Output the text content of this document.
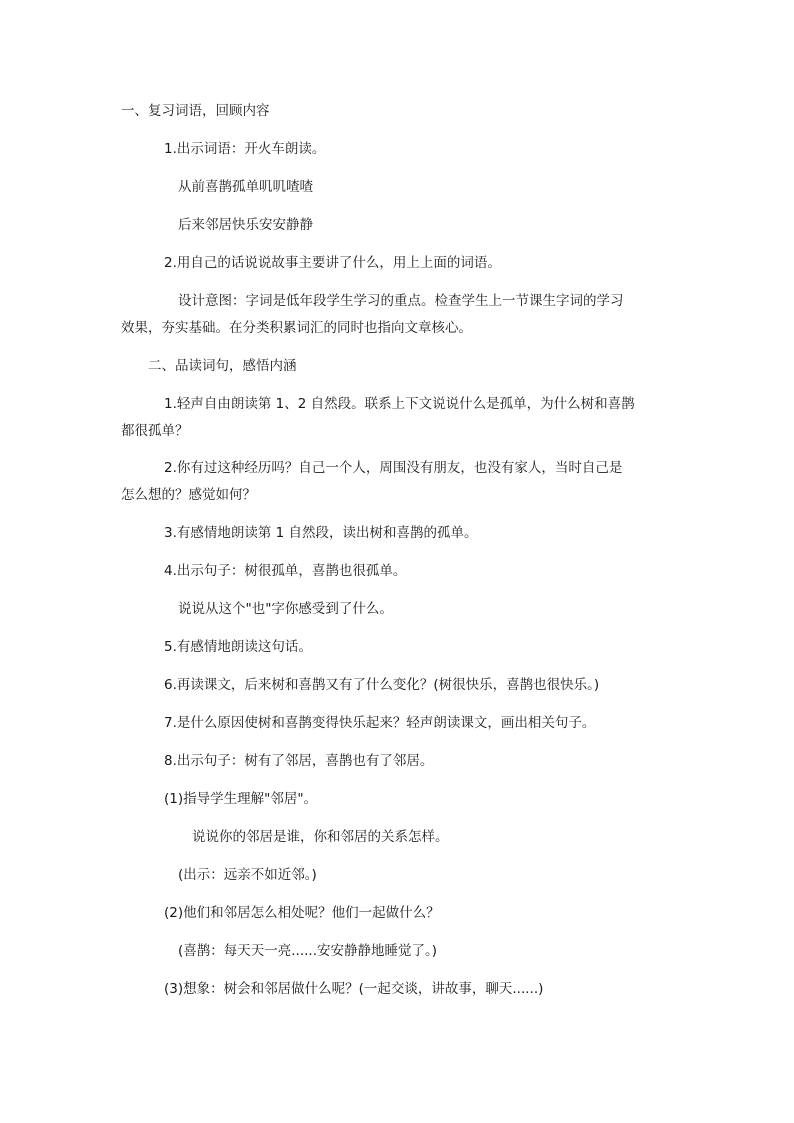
一、复习词语，回顾内容
1.出示词语：开火车朗读。
从前喜鹊孤单叽叽喳喳
后来邻居快乐安安静静
2.用自己的话说说故事主要讲了什么，用上上面的词语。
设计意图：字词是低年段学生学习的重点。检查学生上一节课生字词的学习
效果，夯实基础。在分类积累词汇的同时也指向文章核心。
二、品读词句，感悟内涵
1.轻声自由朗读第 1、2 自然段。联系上下文说说什么是孤单，为什么树和喜鹊
都很孤单？
2.你有过这种经历吗？自己一个人，周围没有朋友，也没有家人，当时自己是
怎么想的？感觉如何？
3.有感情地朗读第 1 自然段，读出树和喜鹊的孤单。
4.出示句子：树很孤单，喜鹊也很孤单。
说说从这个"也"字你感受到了什么。
5.有感情地朗读这句话。
6.再读课文，后来树和喜鹊又有了什么变化？(树很快乐，喜鹊也很快乐。)
7.是什么原因使树和喜鹊变得快乐起来？轻声朗读课文，画出相关句子。
8.出示句子：树有了邻居，喜鹊也有了邻居。
(1)指导学生理解"邻居"。
说说你的邻居是谁，你和邻居的关系怎样。
(出示：远亲不如近邻。)
(2)他们和邻居怎么相处呢？他们一起做什么？
(喜鹊：每天天一亮......安安静静地睡觉了。)
(3)想象：树会和邻居做什么呢？(一起交谈，讲故事，聊天......)
